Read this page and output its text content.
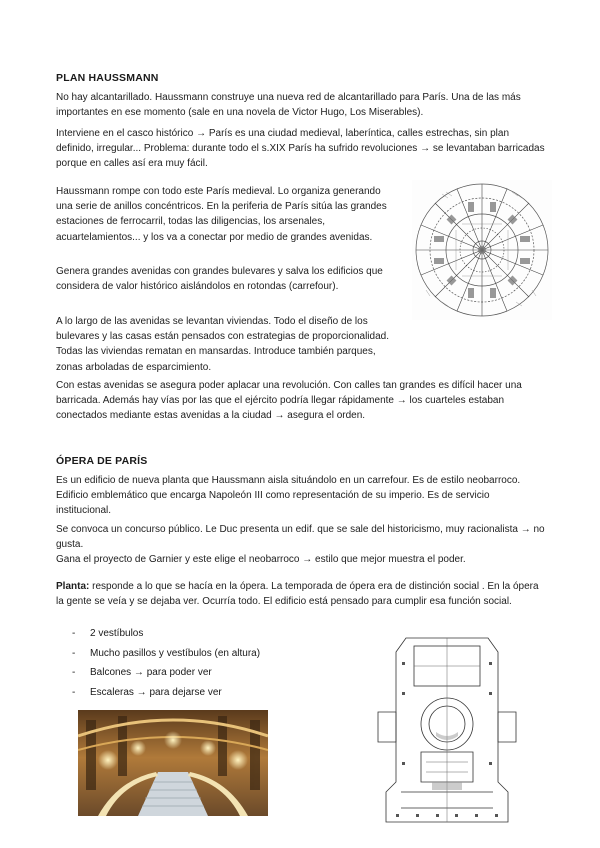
PLAN HAUSSMANN

No hay alcantarillado. Haussmann construye una nueva red de alcantarillado para París. Una de las más importantes en ese momento (sale en una novela de Victor Hugo, Los Miserables).

Interviene en el casco histórico → París es una ciudad medieval, laberíntica, calles estrechas, sin plan definido, irregular... Problema: durante todo el s.XIX París ha sufrido revoluciones → se levantaban barricadas porque en calles así era muy fácil.

Haussmann rompe con todo este París medieval. Lo organiza generando una serie de anillos concéntricos. En la periferia de París sitúa las grandes estaciones de ferrocarril, todas las diligencias, los arsenales, acuartelamientos... y los va a conectar por medio de grandes avenidas.

Genera grandes avenidas con grandes bulevares y salva los edificios que considera de valor histórico aislándolos en rotondas (carrefour).

A lo largo de las avenidas se levantan viviendas. Todo el diseño de los bulevares y las casas están pensados con estrategias de proporcionalidad. Todas las viviendas rematan en mansardas. Introduce también parques, zonas arboladas de esparcimiento.

Con estas avenidas se asegura poder aplacar una revolución. Con calles tan grandes es difícil hacer una barricada. Además hay vías por las que el ejército podría llegar rápidamente → los cuarteles estaban conectados mediante estas avenidas a la ciudad → asegura el orden.

ÓPERA DE PARÍS

Es un edificio de nueva planta que Haussmann aisla situándolo en un carrefour. Es de estilo neobarroco. Edificio emblemático que encarga Napoleón III como representación de su imperio. Es de servicio institucional.

Se convoca un concurso público. Le Duc presenta un edif. que se sale del historicismo, muy racionalista → no gusta.

Gana el proyecto de Garnier y este elige el neobarroco → estilo que mejor muestra el poder.

Planta: responde a lo que se hacía en la ópera. La temporada de ópera era de distinción social . En la ópera la gente se veía y se dejaba ver. Ocurría todo. El edificio está pensado para cumplir esa función social.

- 2 vestíbulos
- Mucho pasillos y vestíbulos (en altura)
- Balcones → para poder ver
- Escaleras → para dejarse ver
